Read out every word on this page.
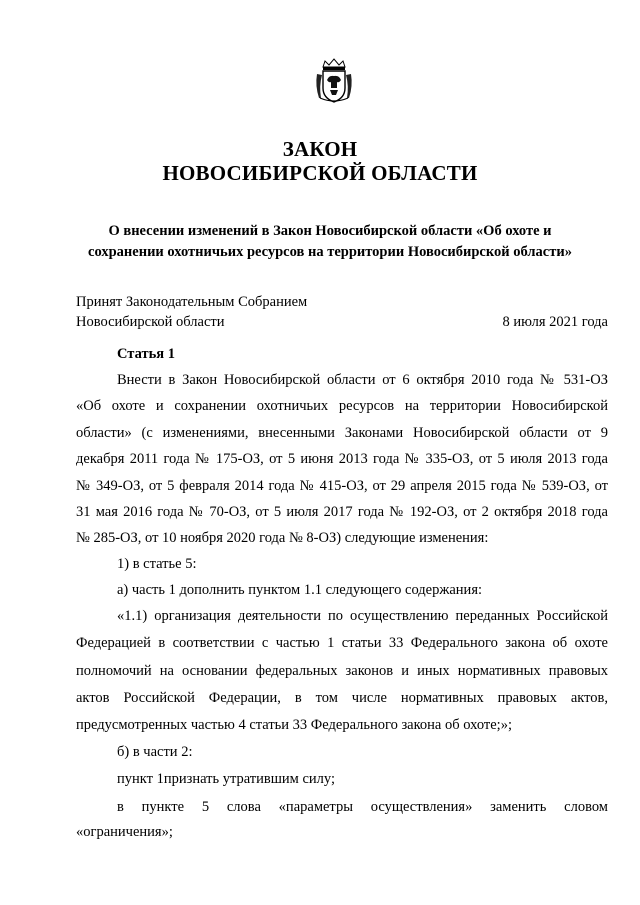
ЗАКОН
НОВОСИБИРСКОЙ ОБЛАСТИ
О внесении изменений в Закон Новосибирской области «Об охоте и
сохранении охотничьих ресурсов на территории Новосибирской области»
Принят Законодательным Собранием
Новосибирской области	8 июля 2021 года
Статья 1
Внести в Закон Новосибирской области от 6 октября 2010 года № 531-ОЗ
«Об охоте и сохранении охотничьих ресурсов на территории Новосибирской
области» (с изменениями, внесенными Законами Новосибирской области от 9
декабря 2011 года № 175-ОЗ, от 5 июня 2013 года № 335-ОЗ, от 5 июля 2013 года
№ 349-ОЗ, от 5 февраля 2014 года № 415-ОЗ, от 29 апреля 2015 года № 539-ОЗ, от
31 мая 2016 года № 70-ОЗ, от 5 июля 2017 года № 192-ОЗ, от 2 октября 2018 года
№ 285-ОЗ, от 10 ноября 2020 года № 8-ОЗ) следующие изменения:
1) в статье 5:
а) часть 1 дополнить пунктом 1.1 следующего содержания:
«1.1) организация деятельности по осуществлению переданных Российской
Федерацией в соответствии с частью 1 статьи 33 Федерального закона об охоте
полномочий на основании федеральных законов и иных нормативных правовых
актов Российской Федерации, в том числе нормативных правовых актов,
предусмотренных частью 4 статьи 33 Федерального закона об охоте;»;
б) в части 2:
пункт 1признать утратившим силу;
в пункте 5 слова «параметры осуществления» заменить словом
«ограничения»;
